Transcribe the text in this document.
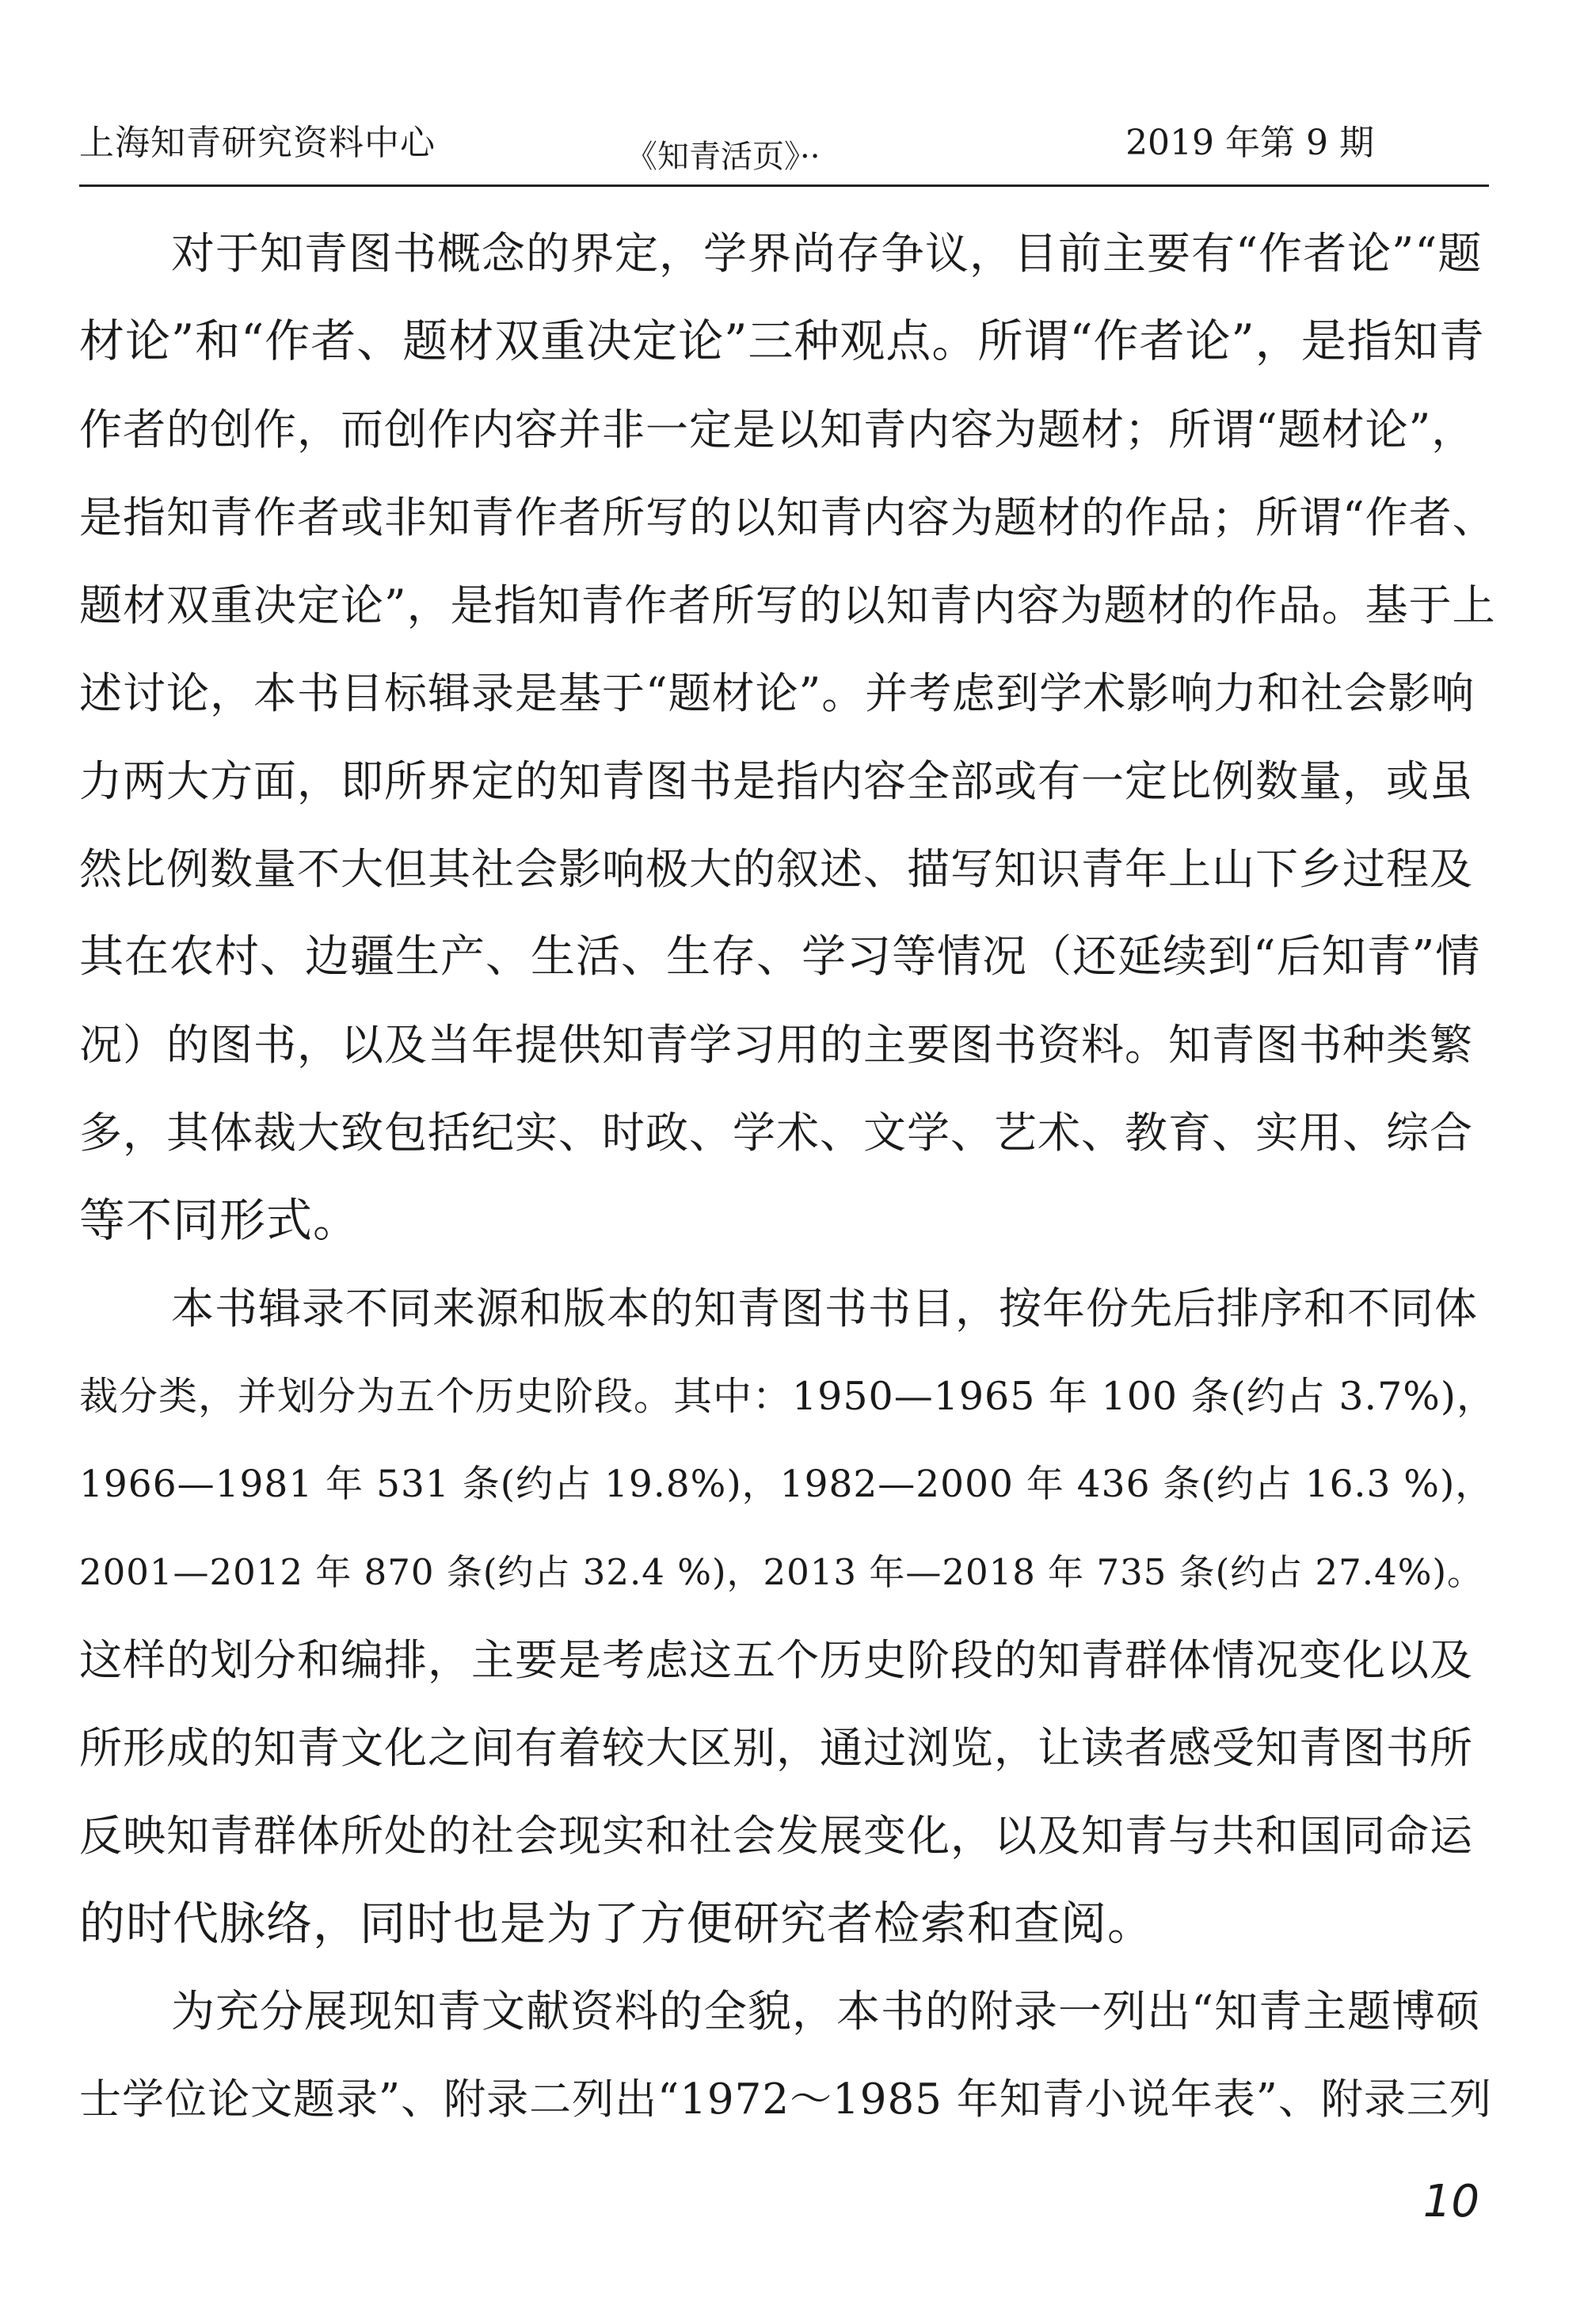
上海知青研究资料中心	《知青活页》··	2019 年第 9 期

对于知青图书概念的界定，学界尚存争议，目前主要有“作者论”“题
材论”和“作者、题材双重决定论”三种观点。所谓“作者论”，是指知青
作者的创作，而创作内容并非一定是以知青内容为题材；所谓“题材论”，
是指知青作者或非知青作者所写的以知青内容为题材的作品；所谓“作者、
题材双重决定论”，是指知青作者所写的以知青内容为题材的作品。基于上
述讨论，本书目标辑录是基于“题材论”。并考虑到学术影响力和社会影响
力两大方面，即所界定的知青图书是指内容全部或有一定比例数量，或虽
然比例数量不大但其社会影响极大的叙述、描写知识青年上山下乡过程及
其在农村、边疆生产、生活、生存、学习等情况（还延续到“后知青”情
况）的图书，以及当年提供知青学习用的主要图书资料。知青图书种类繁
多，其体裁大致包括纪实、时政、学术、文学、艺术、教育、实用、综合
等不同形式。

本书辑录不同来源和版本的知青图书书目，按年份先后排序和不同体
裁分类，并划分为五个历史阶段。其中：1950—1965 年 100 条(约占 3.7%)，
1966—1981 年 531 条(约占 19.8%)，1982—2000 年 436 条(约占 16.3 %)，
2001—2012 年 870 条(约占 32.4 %)，2013 年—2018 年 735 条(约占 27.4%)。
这样的划分和编排，主要是考虑这五个历史阶段的知青群体情况变化以及
所形成的知青文化之间有着较大区别，通过浏览，让读者感受知青图书所
反映知青群体所处的社会现实和社会发展变化，以及知青与共和国同命运
的时代脉络，同时也是为了方便研究者检索和查阅。

为充分展现知青文献资料的全貌，本书的附录一列出“知青主题博硕
士学位论文题录”、附录二列出“1972～1985 年知青小说年表”、附录三列

10
